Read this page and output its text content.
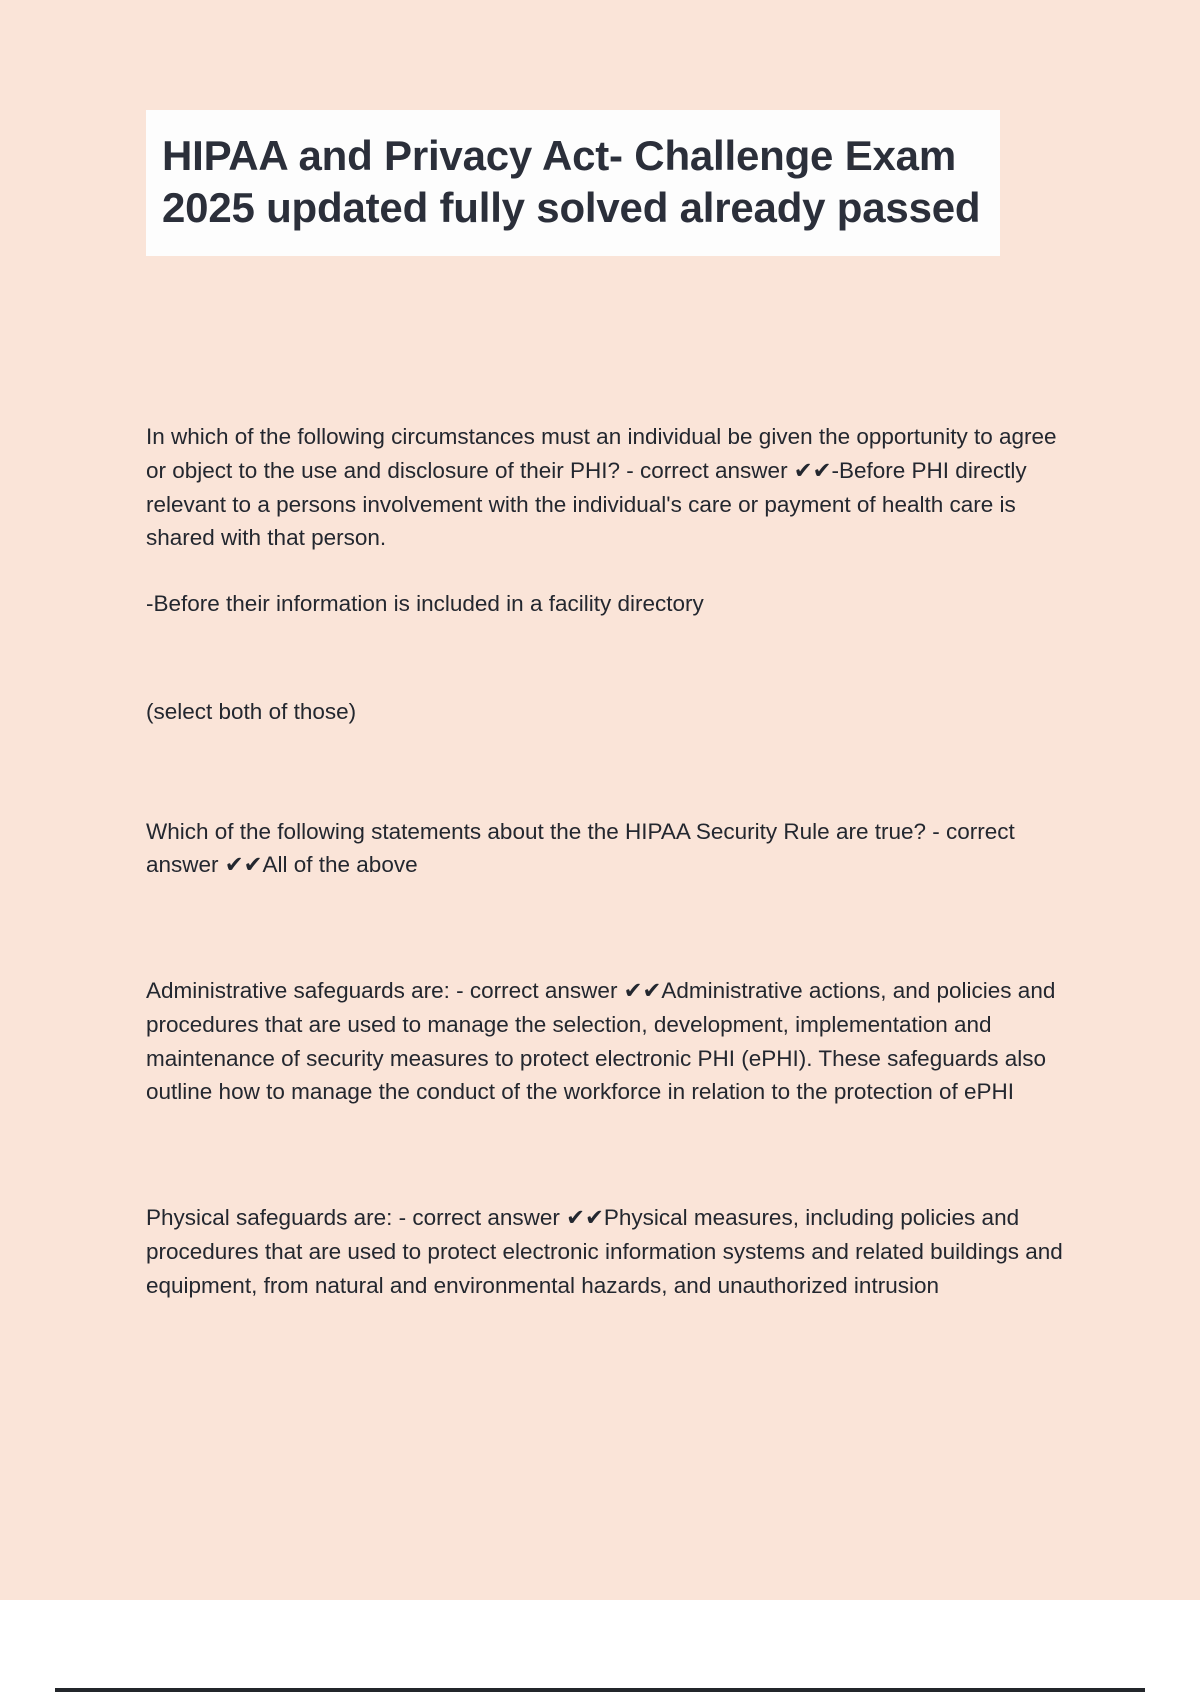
HIPAA and Privacy Act- Challenge Exam 2025 updated fully solved already passed

In which of the following circumstances must an individual be given the opportunity to agree or object to the use and disclosure of their PHI? - correct answer ✔✔-Before PHI directly relevant to a persons involvement with the individual's care or payment of health care is shared with that person.

-Before their information is included in a facility directory

(select both of those)

Which of the following statements about the the HIPAA Security Rule are true? - correct answer ✔✔All of the above

Administrative safeguards are: - correct answer ✔✔Administrative actions, and policies and procedures that are used to manage the selection, development, implementation and maintenance of security measures to protect electronic PHI (ePHI). These safeguards also outline how to manage the conduct of the workforce in relation to the protection of ePHI

Physical safeguards are: - correct answer ✔✔Physical measures, including policies and procedures that are used to protect electronic information systems and related buildings and equipment, from natural and environmental hazards, and unauthorized intrusion
